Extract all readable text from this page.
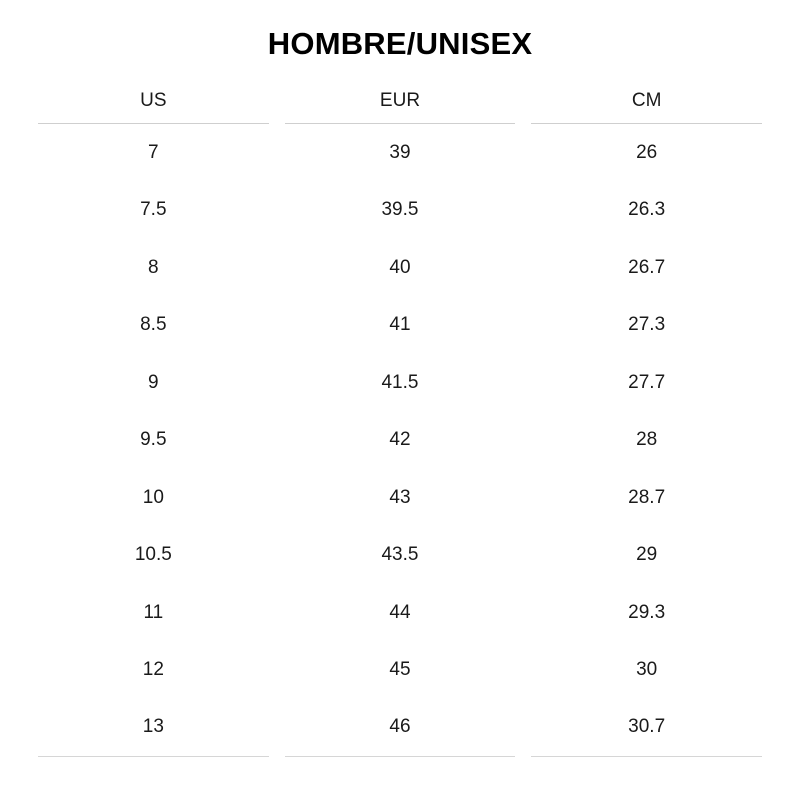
HOMBRE/UNISEX
US	EUR	CM

7	39	26

7.5	39.5	26.3

8	40	26.7

8.5	41	27.3

9	41.5	27.7

9.5	42	28

10	43	28.7

10.5	43.5	29

11	44	29.3

12	45	30

13	46	30.7
